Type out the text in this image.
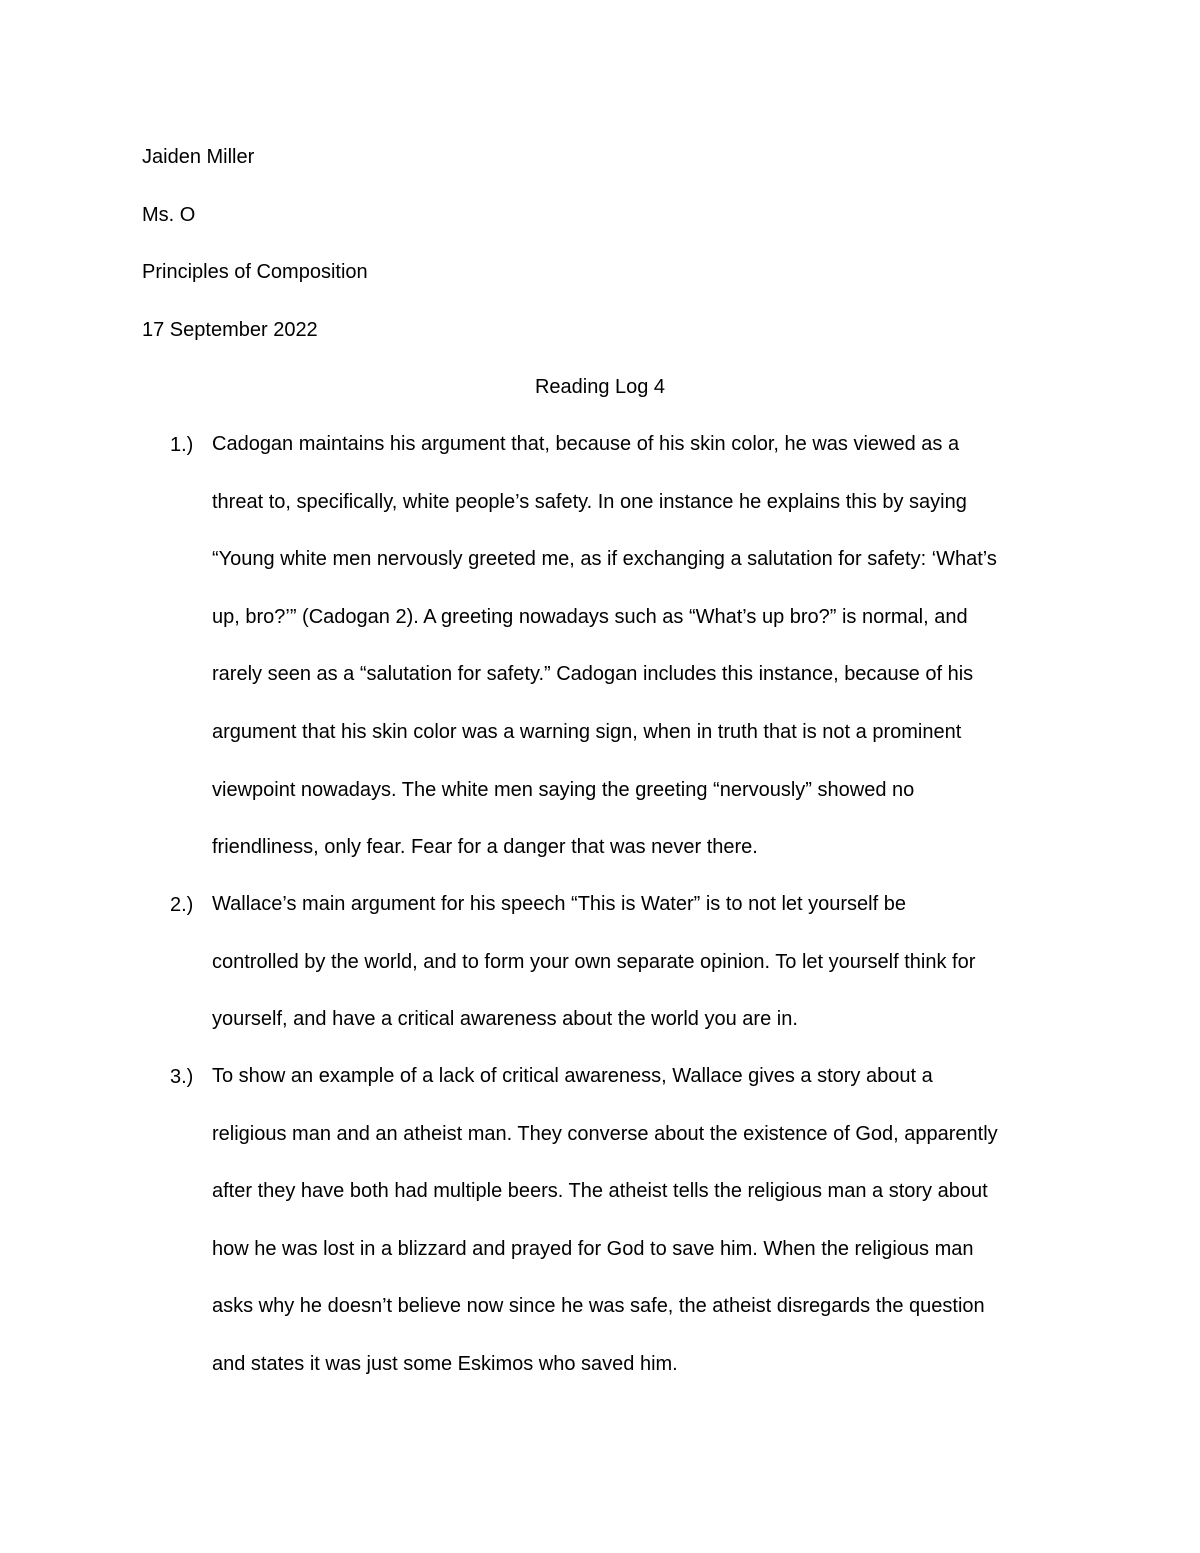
Jaiden Miller
Ms. O
Principles of Composition
17 September 2022
Reading Log 4
1.) Cadogan maintains his argument that, because of his skin color, he was viewed as a
threat to, specifically, white people’s safety. In one instance he explains this by saying
“Young white men nervously greeted me, as if exchanging a salutation for safety: ‘What’s
up, bro?’” (Cadogan 2). A greeting nowadays such as “What’s up bro?” is normal, and
rarely seen as a “salutation for safety.” Cadogan includes this instance, because of his
argument that his skin color was a warning sign, when in truth that is not a prominent
viewpoint nowadays. The white men saying the greeting “nervously” showed no
friendliness, only fear. Fear for a danger that was never there.
2.) Wallace’s main argument for his speech “This is Water” is to not let yourself be
controlled by the world, and to form your own separate opinion. To let yourself think for
yourself, and have a critical awareness about the world you are in.
3.) To show an example of a lack of critical awareness, Wallace gives a story about a
religious man and an atheist man. They converse about the existence of God, apparently
after they have both had multiple beers. The atheist tells the religious man a story about
how he was lost in a blizzard and prayed for God to save him. When the religious man
asks why he doesn’t believe now since he was safe, the atheist disregards the question
and states it was just some Eskimos who saved him.
